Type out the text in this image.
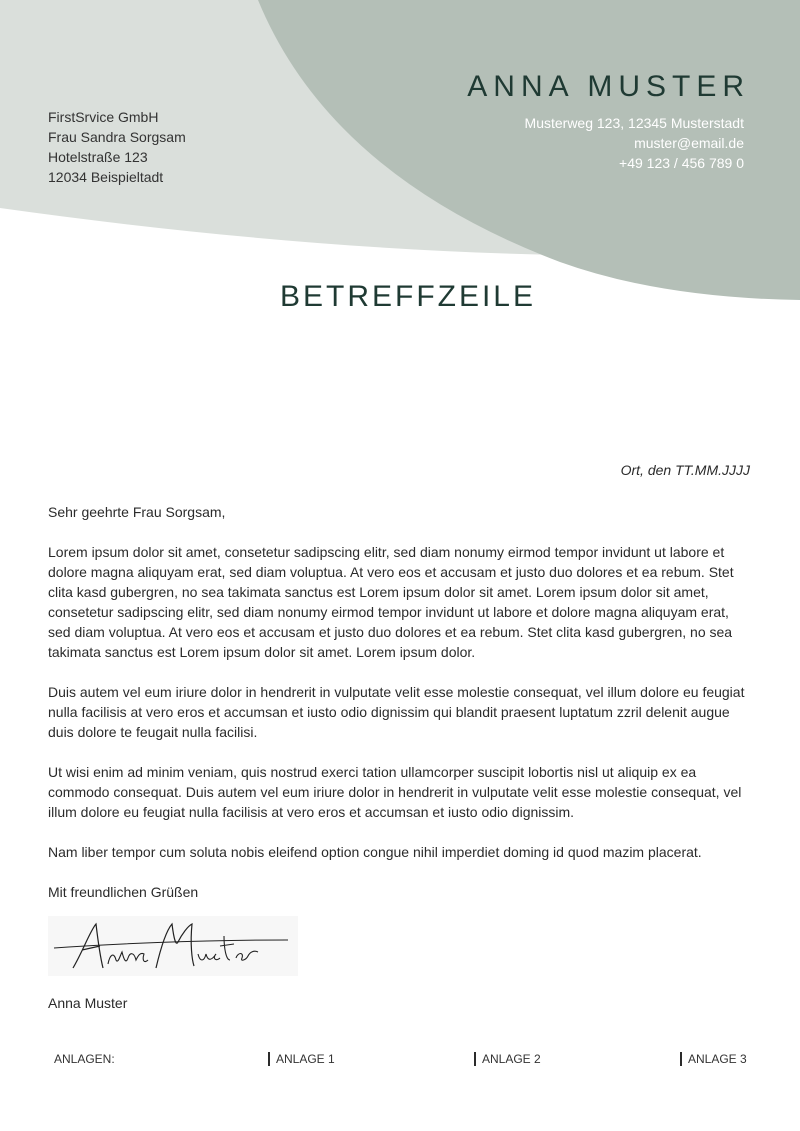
ANNA MUSTER
Musterweg 123, 12345 Musterstadt
muster@email.de
+49 123 / 456 789 0
FirstSrvice GmbH
Frau Sandra Sorgsam
Hotelstraße 123
12034 Beispieltadt
BETREFFZEILE
Ort, den TT.MM.JJJJ

Sehr geehrte Frau Sorgsam,

Lorem ipsum dolor sit amet, consetetur sadipscing elitr, sed diam nonumy eirmod tempor invidunt ut labore et dolore magna aliquyam erat, sed diam voluptua. At vero eos et accusam et justo duo dolores et ea rebum. Stet clita kasd gubergren, no sea takimata sanctus est Lorem ipsum dolor sit amet. Lorem ipsum dolor sit amet, consetetur sadipscing elitr, sed diam nonumy eirmod tempor invidunt ut labore et dolore magna aliquyam erat, sed diam voluptua. At vero eos et accusam et justo duo dolores et ea rebum. Stet clita kasd gubergren, no sea takimata sanctus est Lorem ipsum dolor sit amet. Lorem ipsum dolor.

Duis autem vel eum iriure dolor in hendrerit in vulputate velit esse molestie consequat, vel illum dolore eu feugiat nulla facilisis at vero eros et accumsan et iusto odio dignissim qui blandit praesent luptatum zzril delenit augue duis dolore te feugait nulla facilisi.

Ut wisi enim ad minim veniam, quis nostrud exerci tation ullamcorper suscipit lobortis nisl ut aliquip ex ea commodo consequat. Duis autem vel eum iriure dolor in hendrerit in vulputate velit esse molestie consequat, vel illum dolore eu feugiat nulla facilisis at vero eros et accumsan et iusto odio dignissim.

Nam liber tempor cum soluta nobis eleifend option congue nihil imperdiet doming id quod mazim placerat.

Mit freundlichen Grüßen

Anna Muster
Anna Muster
ANLAGEN:	ANLAGE 1	ANLAGE 2	ANLAGE 3
